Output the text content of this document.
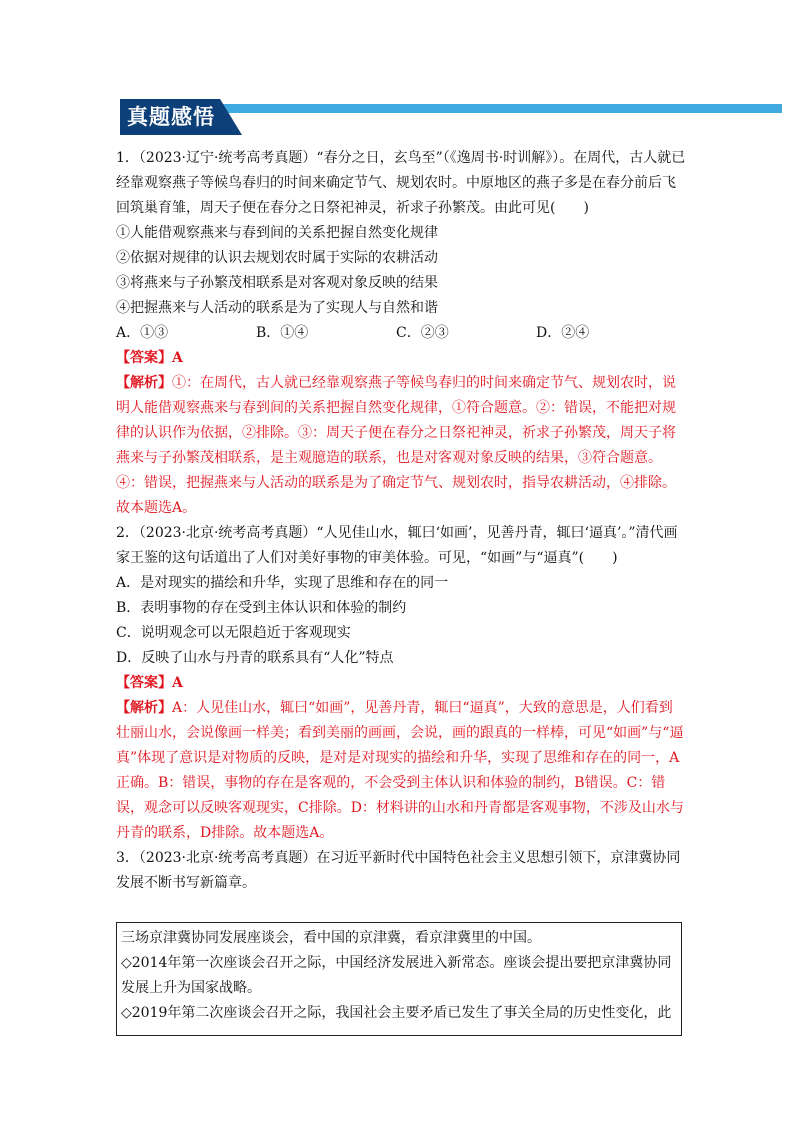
真题感悟

1．（2023·辽宁·统考高考真题）“春分之日，玄鸟至”（《逸周书·时训解》）。在周代，古人就已经靠观察燕子等候鸟春归的时间来确定节气、规划农时。中原地区的燕子多是在春分前后飞回筑巢育雏，周天子便在春分之日祭祀神灵，祈求子孙繁茂。由此可见(　　)

①人能借观察燕来与春到间的关系把握自然变化规律

②依据对规律的认识去规划农时属于实际的农耕活动

③将燕来与子孙繁茂相联系是对客观对象反映的结果

④把握燕来与人活动的联系是为了实现人与自然和谐

A．①③	B．①④	C．②③	D．②④

【答案】A

【解析】①：在周代，古人就已经靠观察燕子等候鸟春归的时间来确定节气、规划农时，说明人能借观察燕来与春到间的关系把握自然变化规律，①符合题意。②：错误，不能把对规律的认识作为依据，②排除。③：周天子便在春分之日祭祀神灵，祈求子孙繁茂，周天子将燕来与子孙繁茂相联系，是主观臆造的联系，也是对客观对象反映的结果，③符合题意。④：错误，把握燕来与人活动的联系是为了确定节气、规划农时，指导农耕活动，④排除。故本题选A。

2．（2023·北京·统考高考真题）“人见佳山水，辄曰‘如画’，见善丹青，辄曰‘逼真’。”清代画家王鉴的这句话道出了人们对美好事物的审美体验。可见，“如画”与“逼真”(　　)

A．是对现实的描绘和升华，实现了思维和存在的同一

B．表明事物的存在受到主体认识和体验的制约

C．说明观念可以无限趋近于客观现实

D．反映了山水与丹青的联系具有“人化”特点

【答案】A

【解析】A：人见佳山水，辄曰“如画”，见善丹青，辄曰“逼真”，大致的意思是，人们看到壮丽山水，会说像画一样美；看到美丽的画画，会说，画的跟真的一样棒，可见“如画”与“逼真”体现了意识是对物质的反映，是对是对现实的描绘和升华，实现了思维和存在的同一，A正确。B：错误，事物的存在是客观的，不会受到主体认识和体验的制约，B错误。C：错误，观念可以反映客观现实，C排除。D：材料讲的山水和丹青都是客观事物，不涉及山水与丹青的联系，D排除。故本题选A。

3．（2023·北京·统考高考真题）在习近平新时代中国特色社会主义思想引领下，京津冀协同发展不断书写新篇章。

三场京津冀协同发展座谈会，看中国的京津冀，看京津冀里的中国。

◇2014年第一次座谈会召开之际，中国经济发展进入新常态。座谈会提出要把京津冀协同发展上升为国家战略。

◇2019年第二次座谈会召开之际，我国社会主要矛盾已发生了事关全局的历史性变化，此
